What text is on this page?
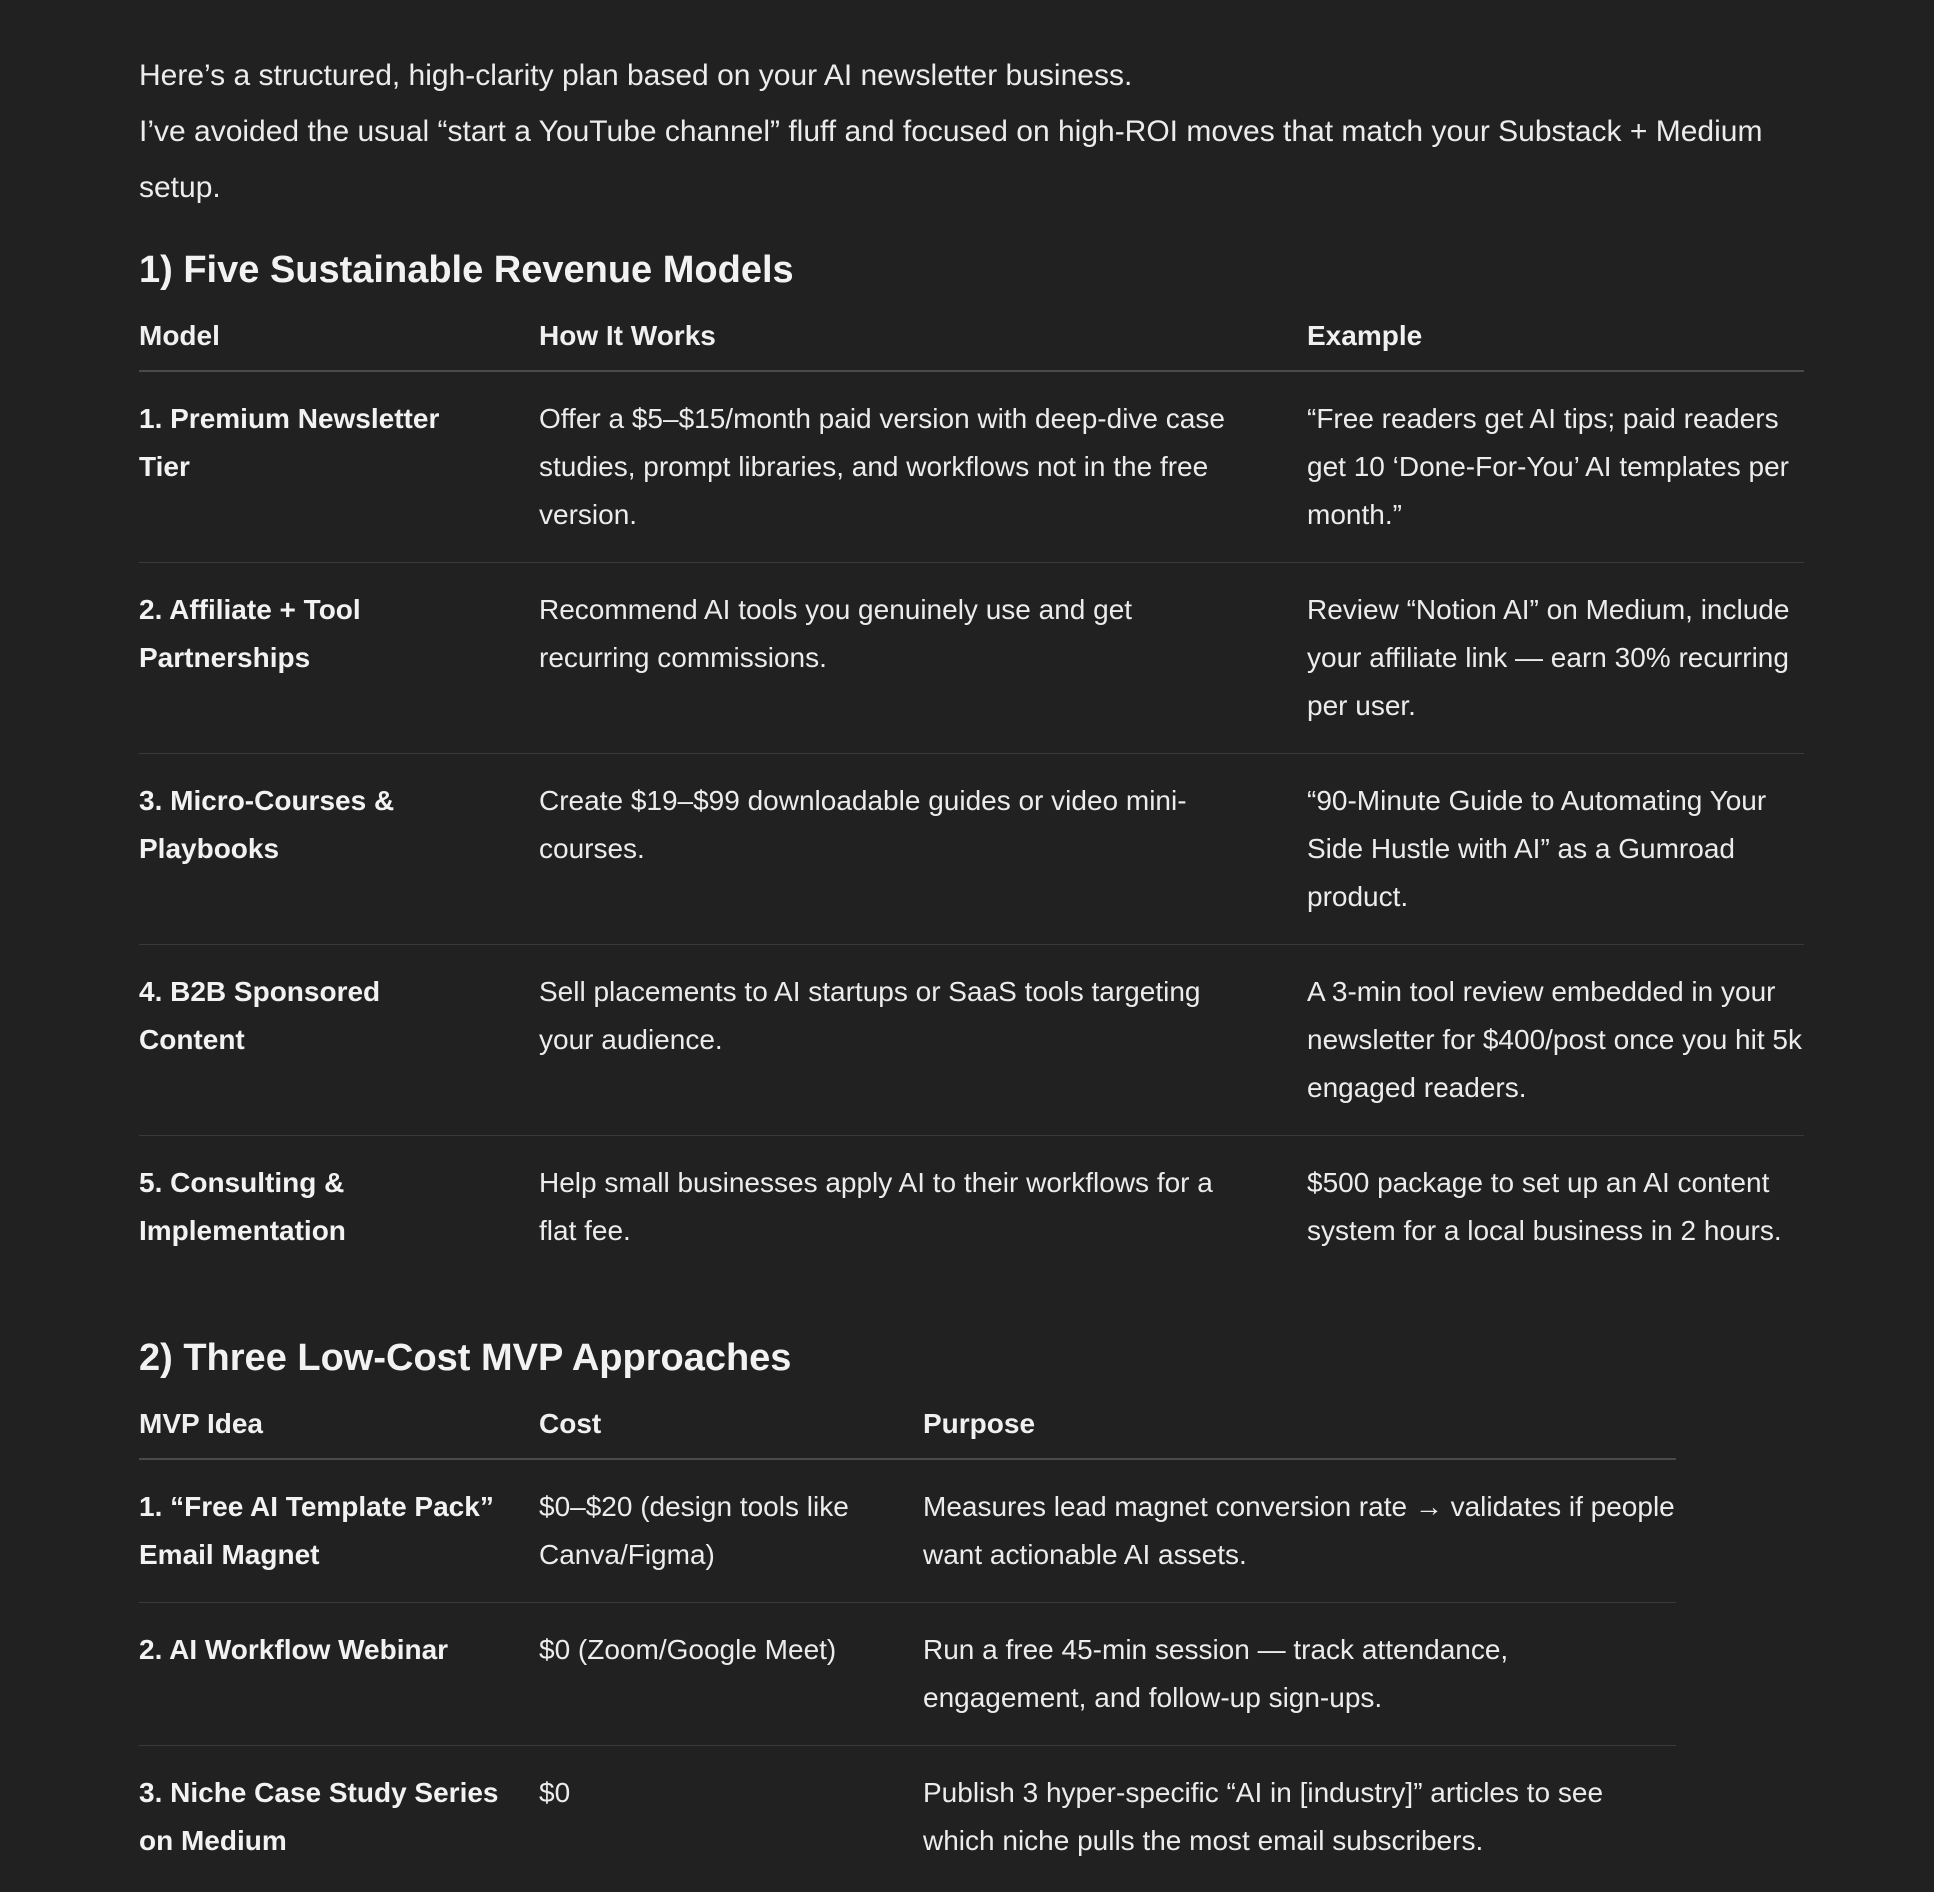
Here’s a structured, high-clarity plan based on your AI newsletter business.

I’ve avoided the usual “start a YouTube channel” fluff and focused on high-ROI moves that match your Substack + Medium setup.

1) Five Sustainable Revenue Models
Model	How It Works	Example
1. Premium Newsletter Tier	Offer a $5–$15/month paid version with deep-dive case studies, prompt libraries, and workflows not in the free version.	“Free readers get AI tips; paid readers get 10 ‘Done-For-You’ AI templates per month.”
2. Affiliate + Tool Partnerships	Recommend AI tools you genuinely use and get recurring commissions.	Review “Notion AI” on Medium, include your affiliate link — earn 30% recurring per user.
3. Micro-Courses & Playbooks	Create $19–$99 downloadable guides or video mini-courses.	“90-Minute Guide to Automating Your Side Hustle with AI” as a Gumroad product.
4. B2B Sponsored Content	Sell placements to AI startups or SaaS tools targeting your audience.	A 3-min tool review embedded in your newsletter for $400/post once you hit 5k engaged readers.
5. Consulting & Implementation	Help small businesses apply AI to their workflows for a flat fee.	$500 package to set up an AI content system for a local business in 2 hours.
2) Three Low-Cost MVP Approaches
MVP Idea	Cost	Purpose
1. “Free AI Template Pack” Email Magnet	$0–$20 (design tools like Canva/Figma)	Measures lead magnet conversion rate → validates if people want actionable AI assets.
2. AI Workflow Webinar	$0 (Zoom/Google Meet)	Run a free 45-min session — track attendance, engagement, and follow-up sign-ups.
3. Niche Case Study Series on Medium	$0	Publish 3 hyper-specific “AI in [industry]” articles to see which niche pulls the most email subscribers.
